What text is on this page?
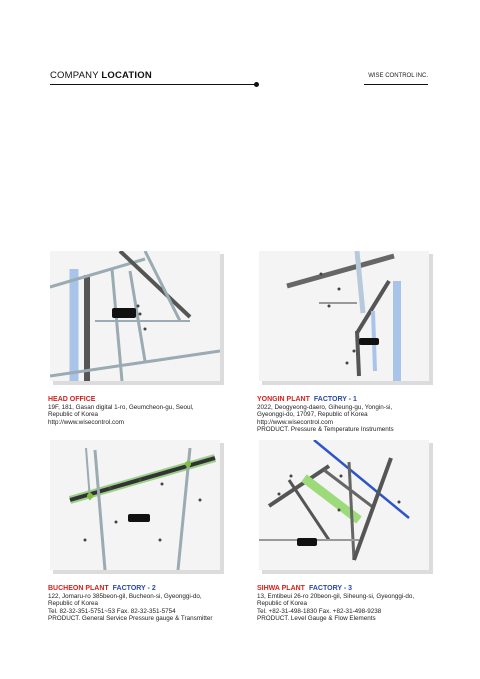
COMPANY LOCATION	WISE CONTROL INC.
HEAD OFFICE
19F, 181, Gasan digital 1-ro, Geumcheon-gu, Seoul,
Republic of Korea
http://www.wisecontrol.com
YONGIN PLANT FACTORY - 1
2022, Deogyeong-daero, Giheung-gu, Yongin-si,
Gyeonggi-do, 17097, Republic of Korea
http://www.wisecontrol.com
PRODUCT. Pressure & Temperature Instruments
BUCHEON PLANT FACTORY - 2
122, Jomaru-ro 385beon-gil, Bucheon-si, Gyeonggi-do,
Republic of Korea
Tel. 82-32-351-5751~53 Fax. 82-32-351-5754
PRODUCT. General Service Pressure gauge & Transmitter
SIHWA PLANT FACTORY - 3
13, Emtibeui 26-ro 20beon-gil, Siheung-si, Gyeonggi-do,
Republic of Korea
Tel. +82-31-498-1830 Fax. +82-31-498-9238
PRODUCT. Level Gauge & Flow Elements
